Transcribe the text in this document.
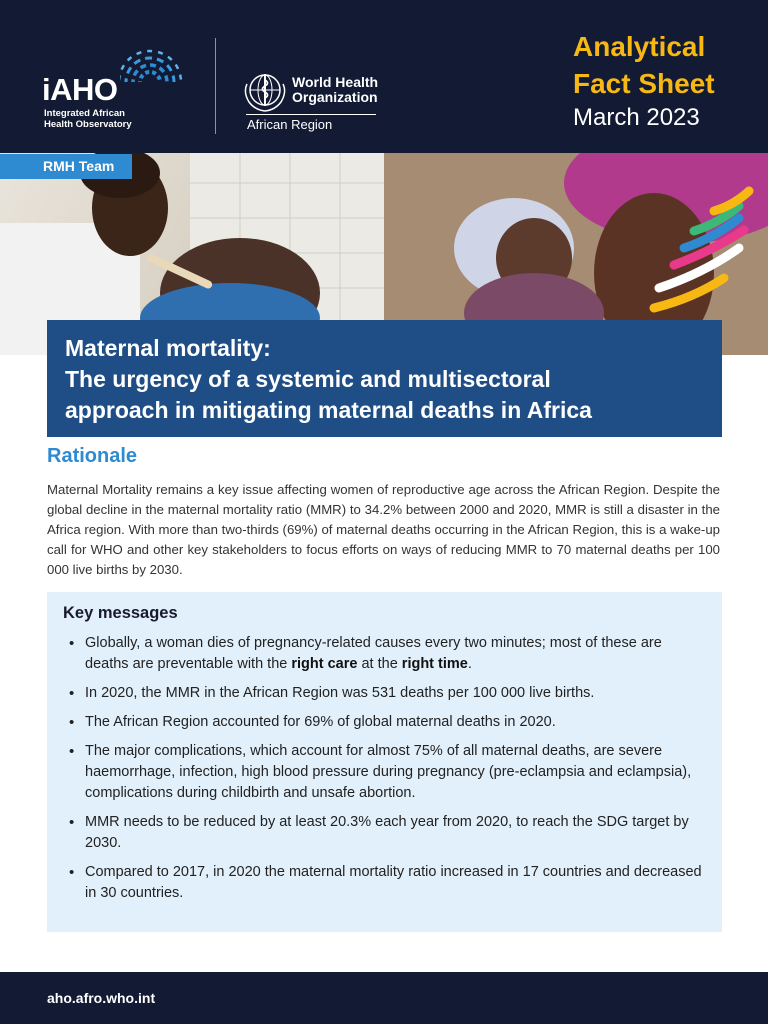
iAHO
Integrated African
Health Observatory
World Health
Organization
African Region
Analytical
Fact Sheet
March 2023
RMH Team
Maternal mortality:
The urgency of a systemic and multisectoral
approach in mitigating maternal deaths in Africa
Rationale

Maternal Mortality remains a key issue affecting women of reproductive age across the African Region. Despite the global decline in the maternal mortality ratio (MMR) to 34.2% between 2000 and 2020, MMR is still a disaster in the Africa region. With more than two-thirds (69%) of maternal deaths occurring in the African Region, this is a wake-up call for WHO and other key stakeholders to focus efforts on ways of reducing MMR to 70 maternal deaths per 100 000 live births by 2030.

Key messages
• Globally, a woman dies of pregnancy-related causes every two minutes; most of these are deaths are preventable with the right care at the right time.
• In 2020, the MMR in the African Region was 531 deaths per 100 000 live births.
• The African Region accounted for 69% of global maternal deaths in 2020.
• The major complications, which account for almost 75% of all maternal deaths, are severe haemorrhage, infection, high blood pressure during pregnancy (pre-eclampsia and eclampsia), complications during childbirth and unsafe abortion.
• MMR needs to be reduced by at least 20.3% each year from 2020, to reach the SDG target by 2030.
• Compared to 2017, in 2020 the maternal mortality ratio increased in 17 countries and decreased in 30 countries.
aho.afro.who.int
